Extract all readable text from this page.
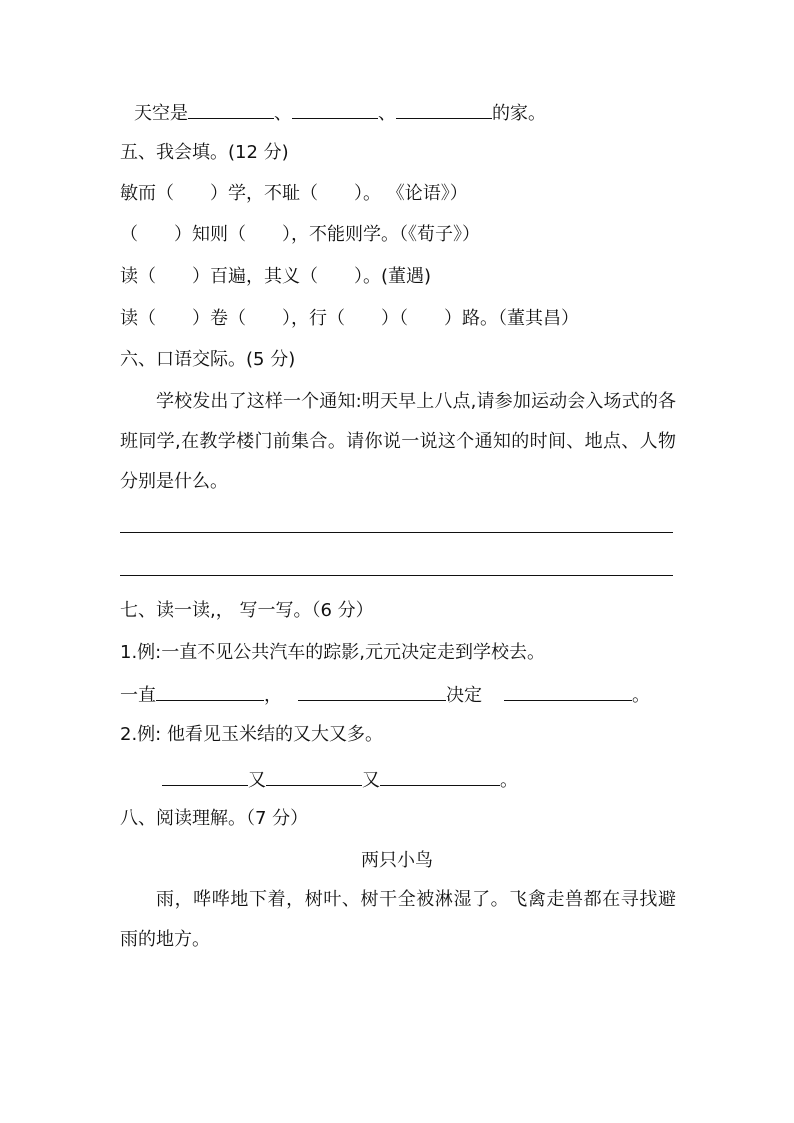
天空是	、	、	的家。
五、我会填。(12 分)
敏而（　　）学，不耻（　　）。 《论语》）
（　　）知则（　　），不能则学。（《荀子》）
读（　　）百遍，其义（　　）。(董遇)
读（　　）卷（　　），行（　　）（　　）路。（董其昌）
六、口语交际。(5 分)
学校发出了这样一个通知:明天早上八点,请参加运动会入场式的各班同学,在教学楼门前集合。请你说一说这个通知的时间、地点、人物分别是什么。
七、读一读,， 写一写。（6 分）
1.例:一直不见公共汽车的踪影,元元决定走到学校去。
一直	，	决定	。
2.例: 他看见玉米结的又大又多。
又	又	。
八、阅读理解。（7 分）
两只小鸟
雨，哗哗地下着，树叶、树干全被淋湿了。飞禽走兽都在寻找避雨的地方。
